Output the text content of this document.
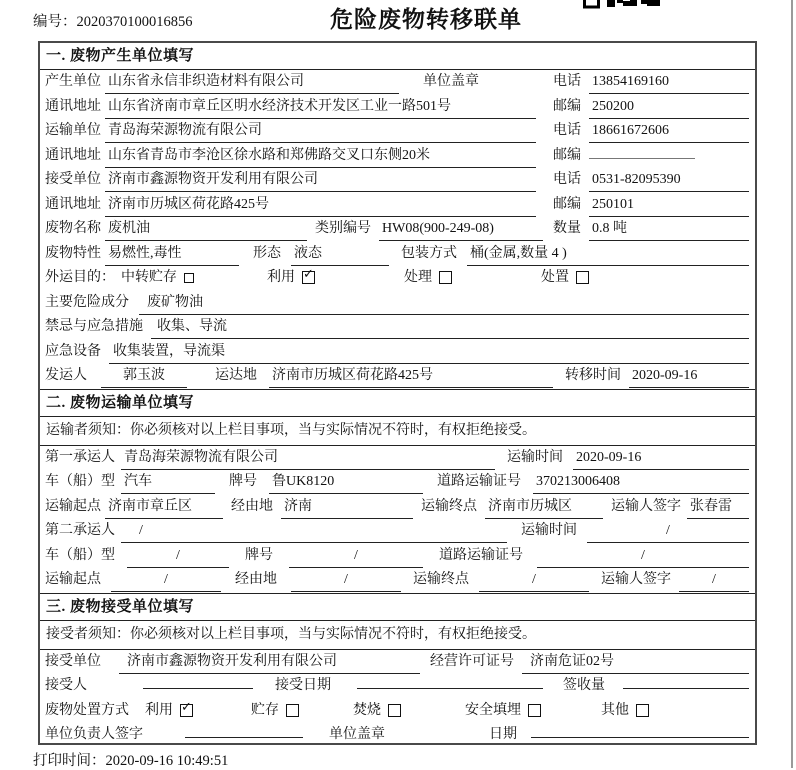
编号：2020370100016856	危险废物转移联单
一. 废物产生单位填写
产生单位 山东省永信非织造材料有限公司	单位盖章	电话 13854169160
通讯地址 山东省济南市章丘区明水经济技术开发区工业一路501号	邮编 250200
运输单位 青岛海荣源物流有限公司	电话 18661672606
通讯地址 山东省青岛市李沧区徐水路和郑佛路交叉口东侧20米	邮编
接受单位 济南市鑫源物资开发利用有限公司	电话 0531-82095390
通讯地址 济南市历城区荷花路425号	邮编 250101
废物名称 废机油	类别编号 HW08(900-249-08)	数量 0.8 吨
废物特性 易燃性,毒性	形态 液态	包装方式 桶(金属,数量 4 )
外运目的： 中转贮存	利用 ✓	处理	处置
主要危险成分	废矿物油
禁忌与应急措施	收集、导流
应急设备 收集装置，导流渠
发运人	郭玉波	运达地 济南市历城区荷花路425号	转移时间 2020-09-16
二. 废物运输单位填写
运输者须知：你必须核对以上栏目事项，当与实际情况不符时，有权拒绝接受。
第一承运人 青岛海荣源物流有限公司	运输时间 2020-09-16
车（船）型 汽车	牌号 鲁UK8120	道路运输证号 370213006408
运输起点 济南市章丘区	经由地 济南	运输终点 济南市历城区	运输人签字 张春雷
第二承运人	/	运输时间	/
车（船）型	/	牌号	/	道路运输证号	/
运输起点	/	经由地	/	运输终点	/	运输人签字	/
三. 废物接受单位填写
接受者须知：你必须核对以上栏目事项，当与实际情况不符时，有权拒绝接受。
接受单位	济南市鑫源物资开发利用有限公司	经营许可证号	济南危证02号
接受人	接受日期	签收量
废物处置方式 利用 ✓	贮存	焚烧	安全填埋	其他
单位负责人签字	单位盖章	日期
打印时间：2020-09-16 10:49:51
